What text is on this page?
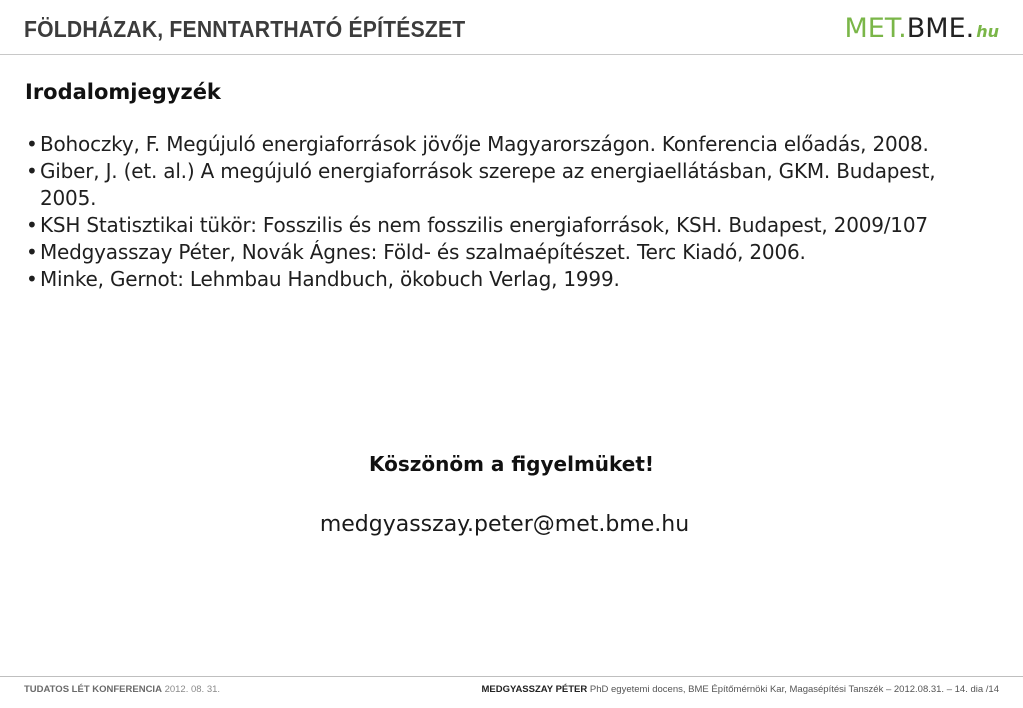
FÖLDHÁZAK, FENNTARTHATÓ ÉPÍTÉSZET	MET.BME. hu
Irodalomjegyzék
• Bohoczky, F. Megújuló energiaforrások jövője Magyarországon. Konferencia előadás, 2008.
• Giber, J. (et. al.) A megújuló energiaforrások szerepe az energiaellátásban, GKM. Budapest, 2005.
• KSH Statisztikai tükör: Fosszilis és nem fosszilis energiaforrások, KSH. Budapest, 2009/107
• Medgyasszay Péter, Novák Ágnes: Föld- és szalmaépítészet. Terc Kiadó, 2006.
• Minke, Gernot: Lehmbau Handbuch, ökobuch Verlag, 1999.
Köszönöm a figyelmüket!
medgyasszay.peter@met.bme.hu
TUDATOS LÉT KONFERENCIA 2012. 08. 31.	MEDGYASSZAY PÉTER PhD egyetemi docens, BME Építőmérnöki Kar, Magasépítési Tanszék – 2012.08.31. – 14. dia /14
